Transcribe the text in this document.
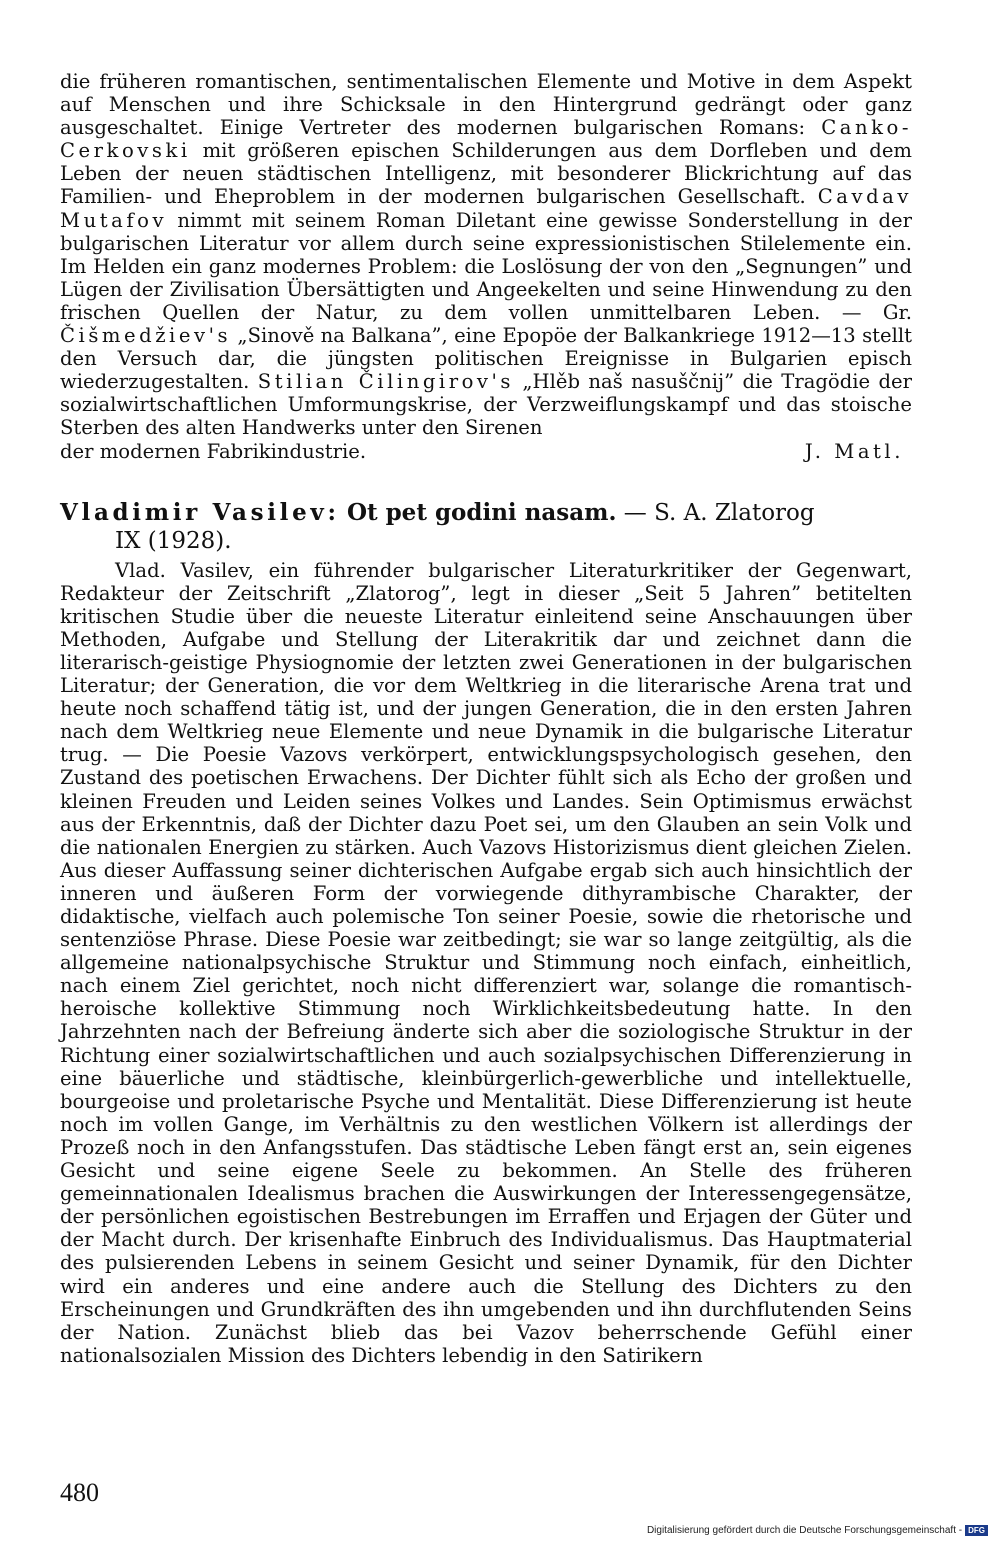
die früheren romantischen, sentimentalischen Elemente und Motive in dem Aspekt auf Menschen und ihre Schicksale in den Hintergrund gedrängt oder ganz ausgeschaltet. Einige Vertreter des modernen bulgarischen Romans: Canko-Cerkovski mit größeren epischen Schilderungen aus dem Dorfleben und dem Leben der neuen städtischen Intelligenz, mit besonderer Blickrichtung auf das Familien- und Eheproblem in der modernen bulgarischen Gesellschaft. Cavdav Mutafov nimmt mit seinem Roman Diletant eine gewisse Sonderstellung in der bulgarischen Literatur vor allem durch seine expressionistischen Stilelemente ein. Im Helden ein ganz modernes Problem: die Loslösung der von den „Segnungen” und Lügen der Zivilisation Übersättigten und Angeekelten und seine Hinwendung zu den frischen Quellen der Natur, zu dem vollen unmittelbaren Leben. — Gr. Čišmedžiev's „Sinově na Balkana”, eine Epopöe der Balkankriege 1912—13 stellt den Versuch dar, die jüngsten politischen Ereignisse in Bulgarien episch wiederzugestalten. Stilian Čilingirov's „Hlěb naš nasuščnij” die Tragödie der sozialwirtschaftlichen Umformungskrise, der Verzweiflungskampf und das stoische Sterben des alten Handwerks unter den Sirenen

der modernen Fabrikindustrie.	J. Matl.
Vladimir Vasilev: Ot pet godini nasam. — S. A. Zlatorog
IX (1928).

Vlad. Vasilev, ein führender bulgarischer Literaturkritiker der Gegenwart, Redakteur der Zeitschrift „Zlatorog”, legt in dieser „Seit 5 Jahren” betitelten kritischen Studie über die neueste Literatur einleitend seine Anschauungen über Methoden, Aufgabe und Stellung der Literakritik dar und zeichnet dann die literarisch-geistige Physiognomie der letzten zwei Generationen in der bulgarischen Literatur; der Generation, die vor dem Weltkrieg in die literarische Arena trat und heute noch schaffend tätig ist, und der jungen Generation, die in den ersten Jahren nach dem Weltkrieg neue Elemente und neue Dynamik in die bulgarische Literatur trug. — Die Poesie Vazovs verkörpert, entwicklungspsychologisch gesehen, den Zustand des poetischen Erwachens. Der Dichter fühlt sich als Echo der großen und kleinen Freuden und Leiden seines Volkes und Landes. Sein Optimismus erwächst aus der Erkenntnis, daß der Dichter dazu Poet sei, um den Glauben an sein Volk und die nationalen Energien zu stärken. Auch Vazovs Historizismus dient gleichen Zielen. Aus dieser Auffassung seiner dichterischen Aufgabe ergab sich auch hinsichtlich der inneren und äußeren Form der vorwiegende dithyrambische Charakter, der didaktische, vielfach auch polemische Ton seiner Poesie, sowie die rhetorische und sentenziöse Phrase. Diese Poesie war zeitbedingt; sie war so lange zeitgültig, als die allgemeine nationalpsychische Struktur und Stimmung noch einfach, einheitlich, nach einem Ziel gerichtet, noch nicht differenziert war, solange die romantisch-heroische kollektive Stimmung noch Wirklichkeitsbedeutung hatte. In den Jahrzehnten nach der Befreiung änderte sich aber die soziologische Struktur in der Richtung einer sozialwirtschaftlichen und auch sozialpsychischen Differenzierung in eine bäuerliche und städtische, kleinbürgerlich-gewerbliche und intellektuelle, bourgeoise und proletarische Psyche und Mentalität. Diese Differenzierung ist heute noch im vollen Gange, im Verhältnis zu den westlichen Völkern ist allerdings der Prozeß noch in den Anfangsstufen. Das städtische Leben fängt erst an, sein eigenes Gesicht und seine eigene Seele zu bekommen. An Stelle des früheren gemeinnationalen Idealismus brachen die Auswirkungen der Interessengegensätze, der persönlichen egoistischen Bestrebungen im Erraffen und Erjagen der Güter und der Macht durch. Der krisenhafte Einbruch des Individualismus. Das Hauptmaterial des pulsierenden Lebens in seinem Gesicht und seiner Dynamik, für den Dichter wird ein anderes und eine andere auch die Stellung des Dichters zu den Erscheinungen und Grundkräften des ihn umgebenden und ihn durchflutenden Seins der Nation. Zunächst blieb das bei Vazov beherrschende Gefühl einer nationalsozialen Mission des Dichters lebendig in den Satirikern

480
Digitalisierung gefördert durch die Deutsche Forschungsgemeinschaft - DFG
